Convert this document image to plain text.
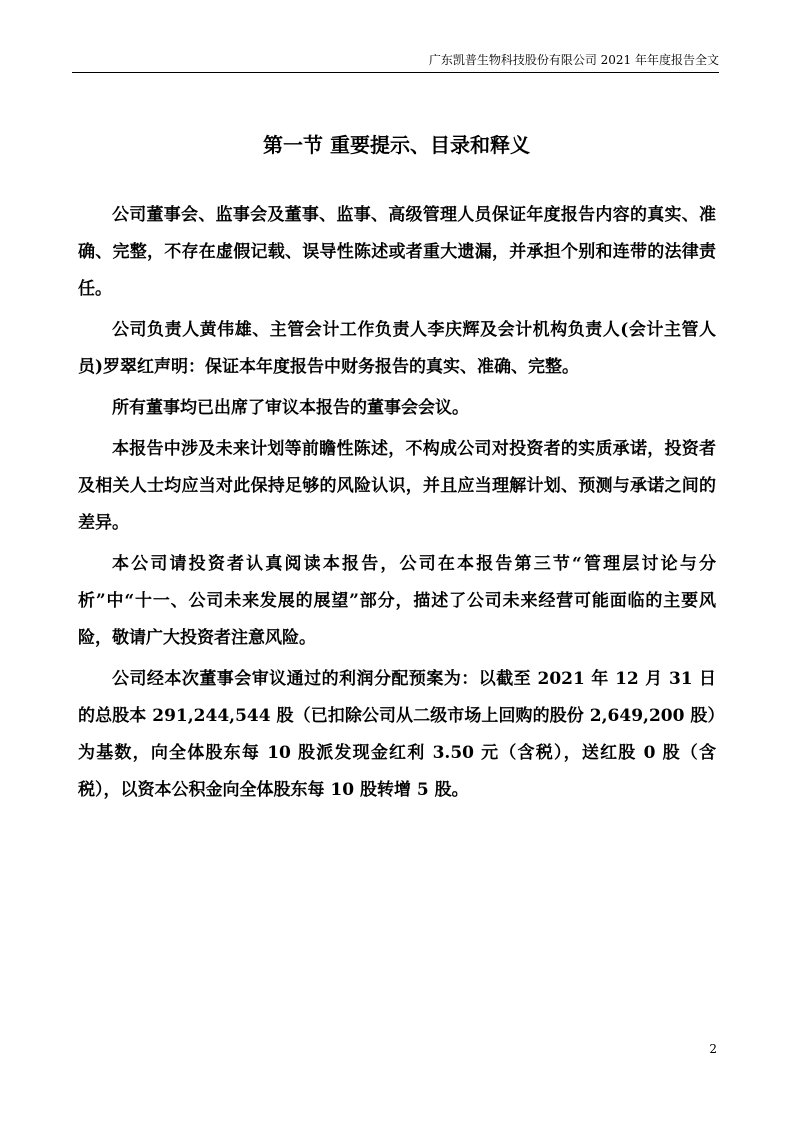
广东凯普生物科技股份有限公司 2021 年年度报告全文
第一节 重要提示、目录和释义

公司董事会、监事会及董事、监事、高级管理人员保证年度报告内容的真实、准确、完整，不存在虚假记载、误导性陈述或者重大遗漏，并承担个别和连带的法律责任。

公司负责人黄伟雄、主管会计工作负责人李庆辉及会计机构负责人(会计主管人员)罗翠红声明：保证本年度报告中财务报告的真实、准确、完整。

所有董事均已出席了审议本报告的董事会会议。

本报告中涉及未来计划等前瞻性陈述，不构成公司对投资者的实质承诺，投资者及相关人士均应当对此保持足够的风险认识，并且应当理解计划、预测与承诺之间的差异。

本公司请投资者认真阅读本报告，公司在本报告第三节“管理层讨论与分析”中“十一、公司未来发展的展望”部分，描述了公司未来经营可能面临的主要风险，敬请广大投资者注意风险。

公司经本次董事会审议通过的利润分配预案为：以截至 2021 年 12 月 31 日的总股本 291,244,544 股（已扣除公司从二级市场上回购的股份 2,649,200 股）为基数，向全体股东每 10 股派发现金红利 3.50 元（含税），送红股 0 股（含税），以资本公积金向全体股东每 10 股转增 5 股。

2
